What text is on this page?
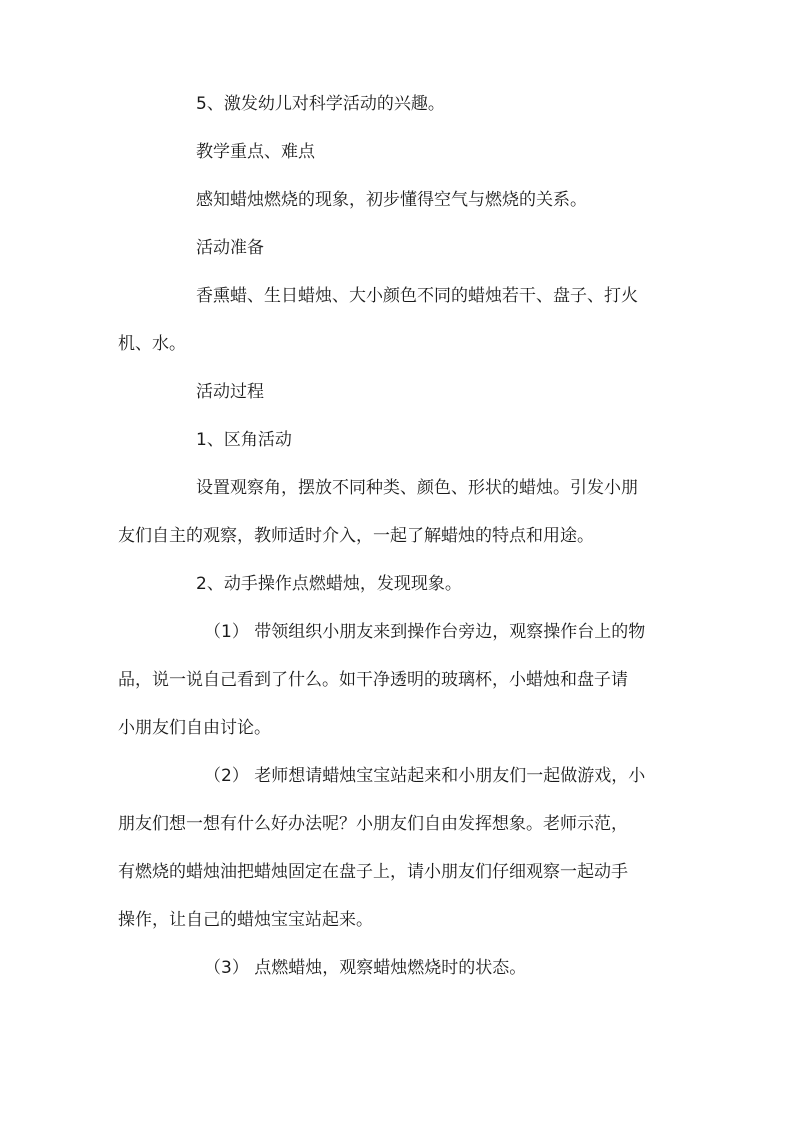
5、激发幼儿对科学活动的兴趣。

教学重点、难点

感知蜡烛燃烧的现象，初步懂得空气与燃烧的关系。

活动准备

香熏蜡、生日蜡烛、大小颜色不同的蜡烛若干、盘子、打火

机、水。

活动过程

1、区角活动

设置观察角，摆放不同种类、颜色、形状的蜡烛。引发小朋

友们自主的观察，教师适时介入，一起了解蜡烛的特点和用途。

2、动手操作点燃蜡烛，发现现象。

（1） 带领组织小朋友来到操作台旁边，观察操作台上的物

品，说一说自己看到了什么。如干净透明的玻璃杯，小蜡烛和盘子请

小朋友们自由讨论。

（2） 老师想请蜡烛宝宝站起来和小朋友们一起做游戏，小

朋友们想一想有什么好办法呢？小朋友们自由发挥想象。老师示范，

有燃烧的蜡烛油把蜡烛固定在盘子上，请小朋友们仔细观察一起动手

操作，让自己的蜡烛宝宝站起来。

（3） 点燃蜡烛，观察蜡烛燃烧时的状态。
